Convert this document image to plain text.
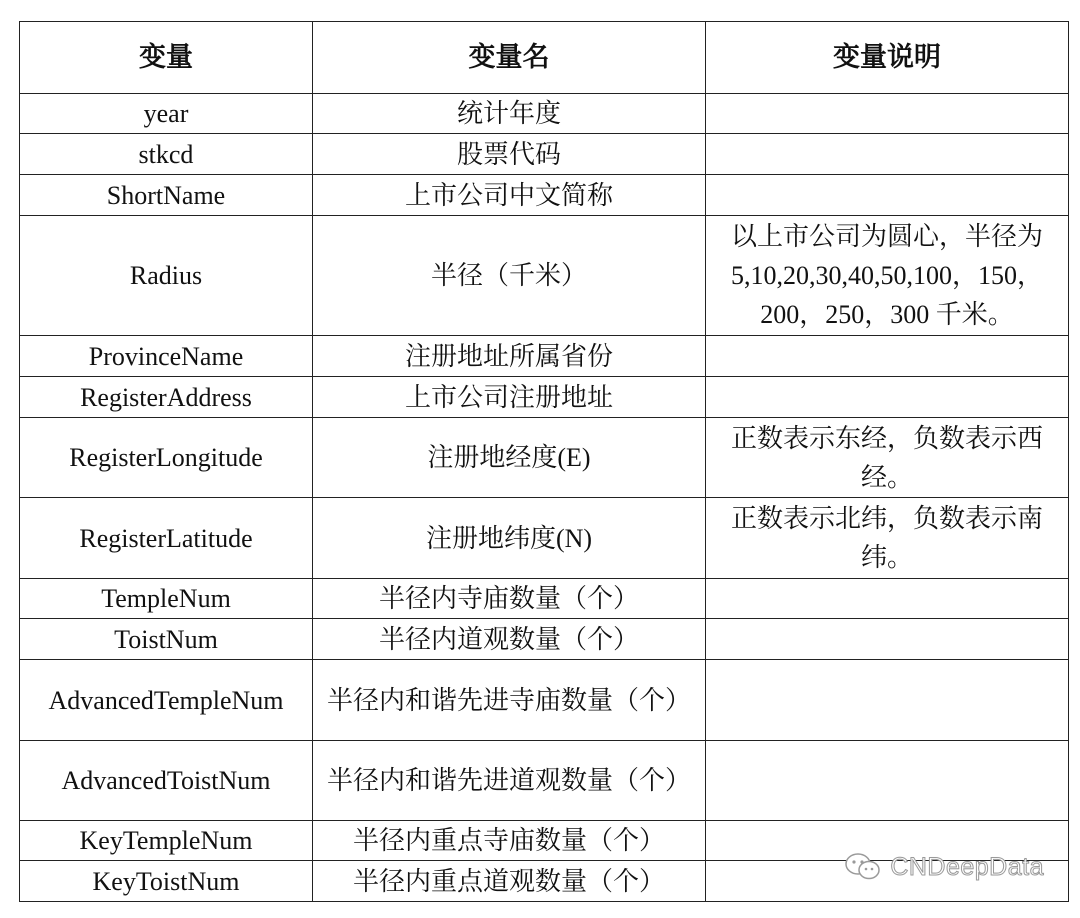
变量	变量名	变量说明
year	统计年度	
stkcd	股票代码	
ShortName	上市公司中文简称	
Radius	半径（千米）	以上市公司为圆心，半径为5,10,20,30,40,50,100，150，200，250，300 千米。
ProvinceName	注册地址所属省份	
RegisterAddress	上市公司注册地址	
RegisterLongitude	注册地经度(E)	正数表示东经，负数表示西经。
RegisterLatitude	注册地纬度(N)	正数表示北纬，负数表示南纬。
TempleNum	半径内寺庙数量（个）	
ToistNum	半径内道观数量（个）	
AdvancedTempleNum	半径内和谐先进寺庙数量（个）	
AdvancedToistNum	半径内和谐先进道观数量（个）	
KeyTempleNum	半径内重点寺庙数量（个）	
KeyToistNum	半径内重点道观数量（个）		CNDeepData
